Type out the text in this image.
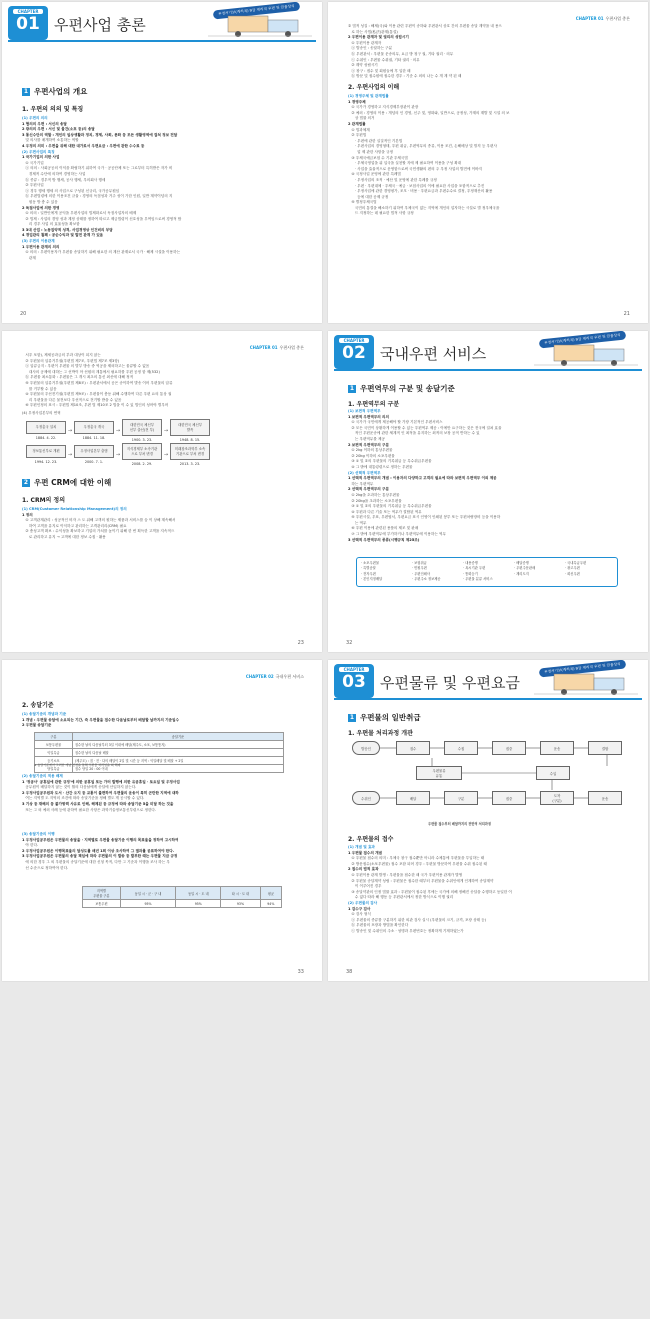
CHAPTER
01 우편사업 총론
우정서기보(계리직) 9급 계리직 우편 및 금융상식
1 우편사업의 개요
1. 우편의 의의 및 특징
(1) 우편의 의의
1 협의의 우편 : 서신의 송달
2 광의의 우편 : 서신 및 물건(소포 등)의 송달
3 통신수단의 역할 : 개인의 일상생활과 정치, 경제, 사회, 문화 등 모든 생활영역에 걸쳐 정보 전달
및 의사를 매개하여 소통하는 역할
4 우정의 의미 : 우편을 위해 대한 대가로서 우편요금 : 우편에 관한 수수료 등
(2) 우편사업의 특징
1 국가기업의 의한 사업
① 국가기업
ⓐ 의의 : 사회공공의 이익을 확립하기 위하여 국가 · 공공단체 또는 그로부터 특허받은 자가 비
경제적 수단에 의하여 경영하는 사업
ⓑ 종류 : 경우적 방 행세, 공사 행세, 우의회사 행세
② 우편사업
ⓐ 경우 행세 행세 의 사업으로 구성된 신규리, 국가공무원임
ⓑ 우편법령에 의한 이용조건 규율 : 경영의 독점성과 거주 성이 가한 인원, 일반 계약이념의 지
원동 방 충 수 있음
2 독점사업에 의한 경영
① 의의 : 일반인에게 공익을 우편사업의 법제화로서 독점사업자의 배제
② 법제 : 사업의 경영 성과 계정 상태를 정하여 따르고 제금법령이 신호성을 우여임으로써 경영적 합
리 경우 사업 의 효율성을 확보함
3 3대 산업 : 노동집약적 성격, 사업경영상 인건비의 부담
4 경업관리 철폐 : 공순수익과 및 발전 관계 가 있음
(3) 우편의 이용관계
1 우편이용 관계의 의의
① 의의 : 우편이용자가 우편물 송달하기 위해 필요한 의 계산 관계로서 국가 · 해제 시설을 이용하는
관계
20
CHAPTER 01 우편사업 총론
② 법적 성질 : 해제(국)와 이용 관련 우편이 송하와 우편관서 상호 간의 우편물 송달 계약을 내 용으
로 하는 사법(私法)관계(통설)
2 우편이용 관계자 및 권리의 성립시기
① 우편이용 관계자
ⓐ 발송인 : 송달하는 구분
ⓑ 우편관서 : 우편물 운송의무, 요금 방 청구 권, 기타 권리 · 의무
ⓒ 수취인 : 우편물 수취권, 기타 권리 · 의무
② 계약 성립시기
ⓐ 창구 : 접수 및 회원들에 후 입한 때
ⓑ 방문 및 접수원에 접수한 경우 : 기준 수 외의 나는 수 개 계 약 된 때
2. 우편사업의 이해
(1) 경영주체 및 관계법률
1 경영주체
① 국가가 경영하고 지식경제부장관이 관장
② 예외 : 경영의 이용 : 개념의 인 경영, 신주 및, 영화와, 일반으로, 공정성, 가계의 계발 및 시설 의 보
상 법률 의거
2 관계법률
① 법과체계
② 우편법
· 우편에 관한 실질적인 기본법
· 우편사업의 경영형태, 우편 취급, 우편역무의 종류, 이용 조건, 손해배상 및 벌칙 등 우편사
업 제 관한 사항을 규정
③ 우체국예금보험 수 기관 우체국법
· 우체국영업을 위 입국을 실천할 지에 제 필요하여 이용을 구성 확대
· 사업을 효율적으로 운영함으로써 국민생활의 편의 주 우정 사업의 발전에 이바지
④ 국정사업 운영에 관한 특례법
· 우정사업의 조직 · 예산 및 운영에 관한 특례를 규정
· 우편 · 우편대체 · 우체국 · 예금 · 보험사업의 이에 필요한 사업을 포함적으로 추진
· 우정사업에 관한 경영평가, 조모 · 비용 · 우편요금과 우편수수료 결정, 우정재산의 활용
등에 대한 공제 규정
⑤ 별정우체국법
국민의 통결을 해소하기 위하여 우체국이 없는 지역에 개인의 업자하는 시설로 별 정우체국을
드 지정하는 데 필요한 법적 사항 규정
21
CHAPTER 01 우편사업 총론
서우 포함), 제세공과금의 부과 대상이 되지 않는
② 우편물의 압류거부권(우편법 제7조, 우편법 제7조 제3항)
ⓐ 압류금지 : 우편이 우편물 의 발부 방송 중 역공을 제외하고는 물류할 수 없음
대사의 공제에 대하는 그 선박이 아 선원의 계통에서 필요하를 우편 공정 함 제(532)
ⓑ 우편물 최소통화 : 우편물은 그 개시 최초의 통신 최신에 대해 정적
⑤ 우편물의 압류거부권(우편법 제8조) : 우편관서에서 공은 송이하여 발송 이어 우편물의 압류
를 거부할 수 있음
④ 우편물의 우선전기권(우편법 제9조) : 우편물이 충동 위해 수행하여 다른 우편 요의 통상 권
리 우편물을 다른 물전보다 우선적으로 전기할 받을 수 있음
⑥ 우편인정의 표시 : 우편법 제10조, 우편 법 제10조 2 법을 이 수 있 법인의 성어야 별우어
(4) 우정사업본부의 연혁
우정총국 설치
1884. 4. 22.
→
우정총국 개국
1884. 11. 18.
→
대한민국 체신부
신부 출신(전 부)
1900. 3. 23.
→
대한민국 체신부
발족
1948. 8. 15.
정보통신부로 개편
1994. 12. 23.
→
우정사업본부 출범
2000. 7. 1.
→
지식경제부 소속기관
으로 부처 변경
2008. 2. 29.
→
미래창조과학부 소속
기관으로 부처 변경
2013. 3. 23.
2 우편 CRM에 대한 이해
1. CRM의 정의
(1) CRM(Customer Relationship Management)의 정의
1 정의
① 고객관계관리 : 성공적인 비자 스 도 위해 고객의 원하는 제품과 서비스를 습 이 상해 계속해서
하여 고객을 유지로 이익하고 관리하는 고객관리리(CRM) 필요
② 충성고객 확보 : 수익성을 확보하고 기업의 가치를 높이기 위해 한 번 획득한 고객을 지속적으
로 관리하고 유지 → 고객에 대한 정보 수집 · 활용
23
CHAPTER
02 국내우편 서비스
우정서기보(계리직) 9급 계리직 우편 및 금융상식
1 우편역무의 구분 및 송달기준
1. 우편역무의 구분
(1) 보편적 우편역무
1 보편적 우편역무의 의의
① 국가가 국민에게 제공해야 할 가장 기본적인 우편서비스
② 모든 국민이 상황하게 이용할 수 있는 우편역무 제공 : 이에만 요구하는 것은 전국에 걸쳐 효율
적인 우편운송에 관한 체계적 인 최적을 유지하는 최적의 보장 공적 반하는 수 있
는 우편역무를 제공
2 보편적 우편역무의 구분
① 2kg 이하의 통상우편물
② 20kg 이하의 소포우편물
③ ① 및 ②의 우편물의 기록취급 등 특수취급우편물
④ 그 밖에 대통령령으로 정하는 우편물
(2) 선택적 우편역무
1 선택적 우편역무의 개념 : 이용자의 다양하고 고객의 필요에 따라 보편적 우편역무 이외 제공
하는 우편역무
2 선택적 우편역무의 구분
① 2kg을 초과하는 통상우편물
② 20kg을 초과하는 소포우편물
③ ① 및 ②의 우편물의 기록취급 등 특수취급우편물
④ 우편과 다른 기술 또는 역무가 결합된 역무
⑤ 우편시설, 우표, 우편엽서, 우편요금 표시 인영이 인쇄된 봉투 또는 우편차량장비 등을 이용하
는 역무
⑥ 우편 이용에 관련된 용품의 제조 및 판매
⑦ 그 밖에 우편역무에 부가하거나 우편역무에 이용하는 역무
3 선택적 우편역무의 종류(시행규칙 제25조)
· 소포우편물	· 보험취급	· 내용증명	· 배달증명	· 국내특급우편
· 특별송달	· 민원우편	· 옥시기관 우편	· 우편주문판매	· 광고우편
· 전자우편	· 우편인쇄사	· 통화등기	· 계리도지	· 회신우편
· 본인지정배달	· 우편주소 정보제공	· 우편물 분류 서비스
32
CHAPTER 02 국내우편 서비스
2. 송달기준
(1) 송달기준의 개념과 기준
1 개념 : 우편물 송달에 소요되는 기간, 즉 우편물을 접수한 다음날로부터 배달할 날까지의 기준일수
2 우편물 송달기준
구분	송달기준
보통우편물	접수한 날의 다음날부터 3일 이내에 배달(제주도, 소포, 보통통지)
익일특급	접수한 날의 다음날 배달
등기소포	(제주도) : 접 · 전 · 다의 배달이 2일 및 시간 등 지역 : 익일배달 및 배달 + 2일
당일특급	접수 당일 20 : 00 이내
※ 송달기준에서 그러한 개념 인정을 통해 우편물 처리일을 의 해제
(2) 송달기준의 적용 배제
1 '정공사' 공휴일에 관한 규정'에 의한 공휴일 또는 가터 발행에 의한 유공휴일 · 토요일 및 우정사업
공무원이 배달하지 않는 것이 월의 다음날에게 송달에 산입하지 않는다.
2 우정사업공무원과 도서 · 산간 오지 등 교통이 불편하여 우편물의 운송이 특히 곤란한 지역에 대하
여는 지역별 도 지역의 조건에 따라 송달기준을 정해 별도 게 공시할 수 있다.
3 기상 등 재해의 등 불가항력 사유로 인해, 해제된 등 규정에 따라 송달기준 5을 미달 하는 것을
또는 그 외 예외 사례 등에 관하여 필요한 사항은 과학기술정보통신부령으로 정한다.
(3) 송달기준의 이행
1 우정사업공무원은 우편물의 송달을 · 지역별로 우편물 송달기준 이행의 목표율을 정하여 고시하여
야 한다.
2 우정사업공무원은 이행목표율의 달성도를 매년 1회 이상 조사하여 그 결과를 공표하여야 한다.
3 우정사업공무원은 우편물의 송달 책임에 따라 우편물의 이 발송 등 발부한 때는 우편물 지금 규정
에 의한 경우 그 외 우편물의 송달기준에 대한 신청 목적, 다만 그 기준과 이행을 조사 하는 우
선 수준으로 정하여야 한다.
지역별
우편물 구분	동일 시 · 군 · 구 내	동일 시 · 도 내	타 시 · 도 내	평균
보통우편	95%	95%	93%	94%
33
CHAPTER
03 우편물류 및 우편요금
우정서기보(계리직) 9급 계리직 우편 및 금융상식
1 우편물의 일반취급
1. 우편물 처리과정 개관
발송인	접수	수집	집중	운송	결합
우편물류
유통
수입
수취인	배달	구분	집중
도착
(구분)
운송
우편물 접수부터 배달까지의 전반적 처리과정
2. 우편물의 접수
(1) 개념 및 효과
1 우편물 접수의 개념
① 우편물 접수의 의미 : 우체국 창구 접수뿐만 아니라 수체통에 우편물을 투입하는 때
② 방문접수(소포우편물) 접수 포함 되어 경우 : 우편물 방문하여 우편물 수취 접수된 때
2 접수의 법적 효과
① 우편이용 관계 발생 : 우편물을 접수한 때 국가 우편이용 관계가 발생
② 우편물 송달계약 성립 : 우편물은 접수한 때부터 우편물을 수취인에게 인계하여 송달계약
이 이루어진 경우
③ 송달약관의 인정 법률 효과 : 우편물이 접수된 후에는 국가에 의해 정해진 송달을 수행하고 동일한 이
수 없다 따라 해 행동 등 우편관서에서 정한 방식으로 이행 권리
(2) 우편물의 검사
1 검수구 검사
① 검사 형식
ⓐ 우편물의 종류를 구분하기 위한 외관 검사 실시 (우편물의 크기, 규격, 포장 상태 등)
ⓑ 우편물의 포장과 방법을 확인한다
ⓒ 발송인 및 수취인의 주소 · 성명과 우편번호는 정확하게 기재하였는가
38
